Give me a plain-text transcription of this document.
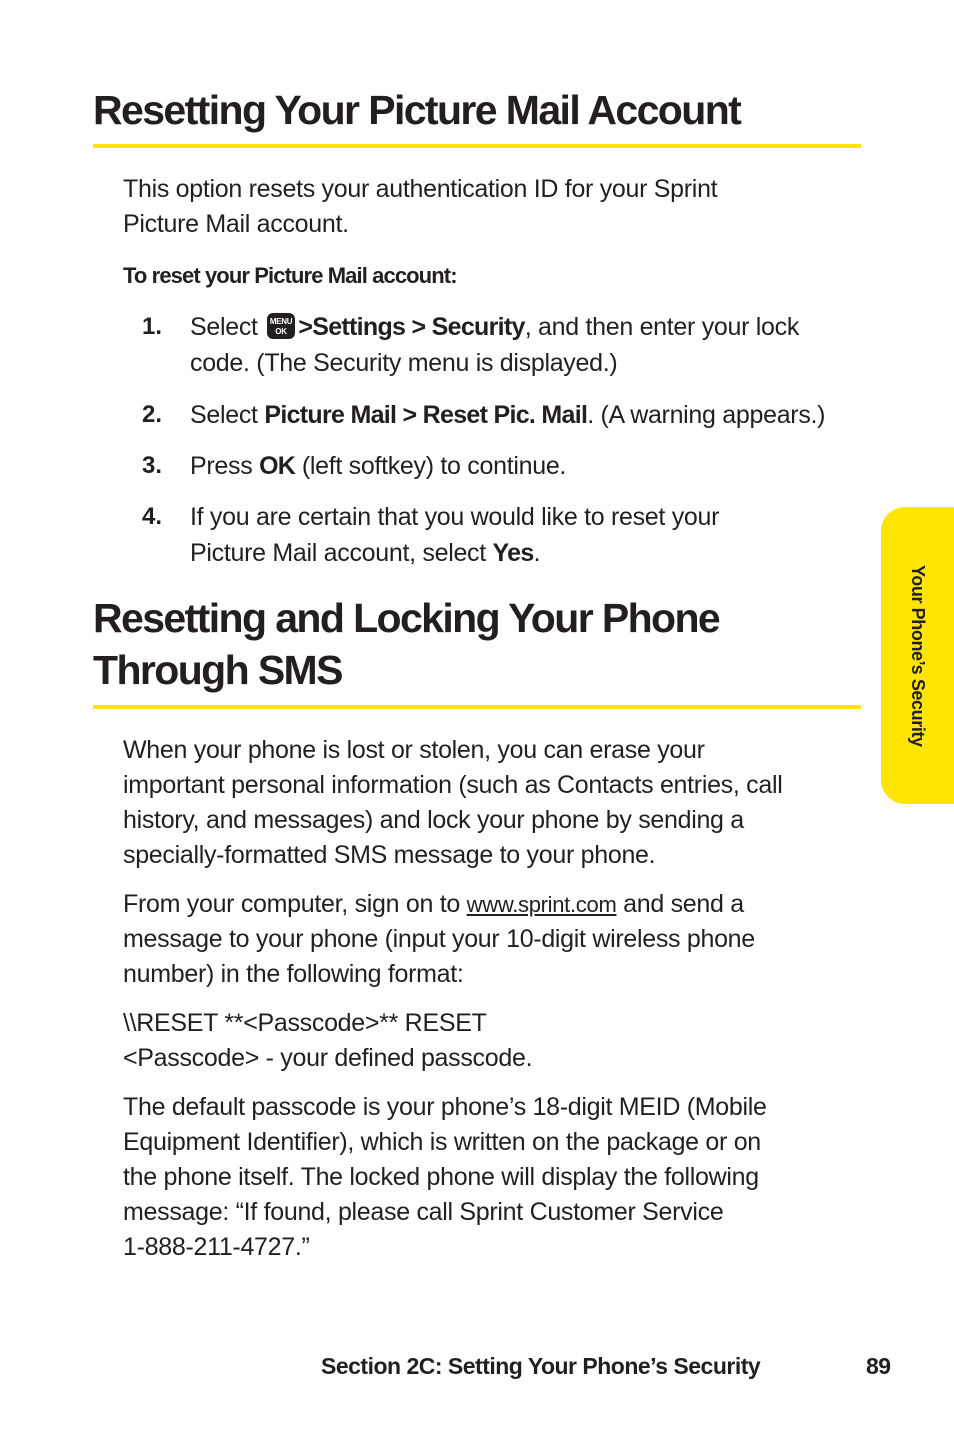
Resetting Your Picture Mail Account

This option resets your authentication ID for your Sprint
Picture Mail account.

To reset your Picture Mail account:

1. Select MENU
OK >Settings > Security, and then enter your lock
code. (The Security menu is displayed.)

2. Select Picture Mail > Reset Pic. Mail. (A warning appears.)

3. Press OK (left softkey) to continue.

4. If you are certain that you would like to reset your
Picture Mail account, select Yes.

Resetting and Locking Your Phone
Through SMS

When your phone is lost or stolen, you can erase your
important personal information (such as Contacts entries, call
history, and messages) and lock your phone by sending a
specially-formatted SMS message to your phone.

From your computer, sign on to www.sprint.com and send a
message to your phone (input your 10-digit wireless phone
number) in the following format:

\\RESET **<Passcode>** RESET
<Passcode> - your defined passcode.

The default passcode is your phone’s 18-digit MEID (Mobile
Equipment Identifier), which is written on the package or on
the phone itself. The locked phone will display the following
message: “If found, please call Sprint Customer Service
1-888-211-4727.”

Your Phone’s Security

Section 2C: Setting Your Phone’s Security	89
